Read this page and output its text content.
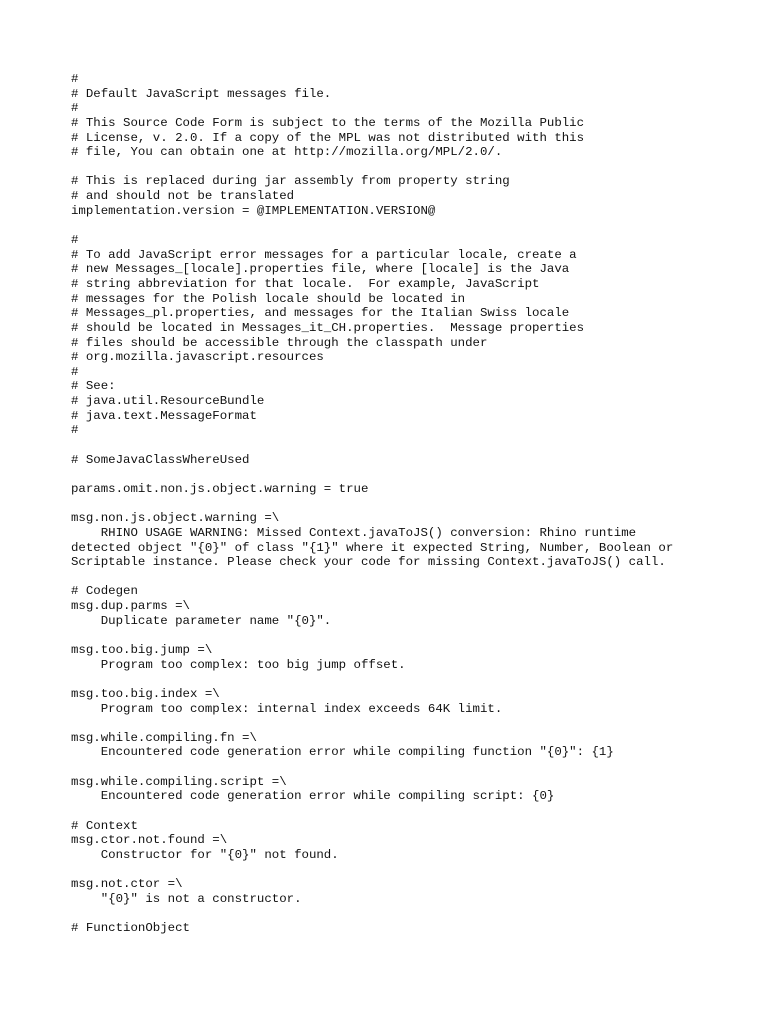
#
# Default JavaScript messages file.
#
# This Source Code Form is subject to the terms of the Mozilla Public
# License, v. 2.0. If a copy of the MPL was not distributed with this
# file, You can obtain one at http://mozilla.org/MPL/2.0/.
# This is replaced during jar assembly from property string
# and should not be translated
implementation.version = @IMPLEMENTATION.VERSION@
#
# To add JavaScript error messages for a particular locale, create a
# new Messages_[locale].properties file, where [locale] is the Java
# string abbreviation for that locale.  For example, JavaScript
# messages for the Polish locale should be located in
# Messages_pl.properties, and messages for the Italian Swiss locale
# should be located in Messages_it_CH.properties.  Message properties
# files should be accessible through the classpath under
# org.mozilla.javascript.resources
#
# See:
# java.util.ResourceBundle
# java.text.MessageFormat
#
# SomeJavaClassWhereUsed
params.omit.non.js.object.warning = true
msg.non.js.object.warning =\
RHINO USAGE WARNING: Missed Context.javaToJS() conversion: Rhino runtime
detected object "{0}" of class "{1}" where it expected String, Number, Boolean or
Scriptable instance. Please check your code for missing Context.javaToJS() call.
# Codegen
msg.dup.parms =\
Duplicate parameter name "{0}".
msg.too.big.jump =\
Program too complex: too big jump offset.
msg.too.big.index =\
Program too complex: internal index exceeds 64K limit.
msg.while.compiling.fn =\
Encountered code generation error while compiling function "{0}": {1}
msg.while.compiling.script =\
Encountered code generation error while compiling script: {0}
# Context
msg.ctor.not.found =\
Constructor for "{0}" not found.
msg.not.ctor =\
"{0}" is not a constructor.
# FunctionObject
